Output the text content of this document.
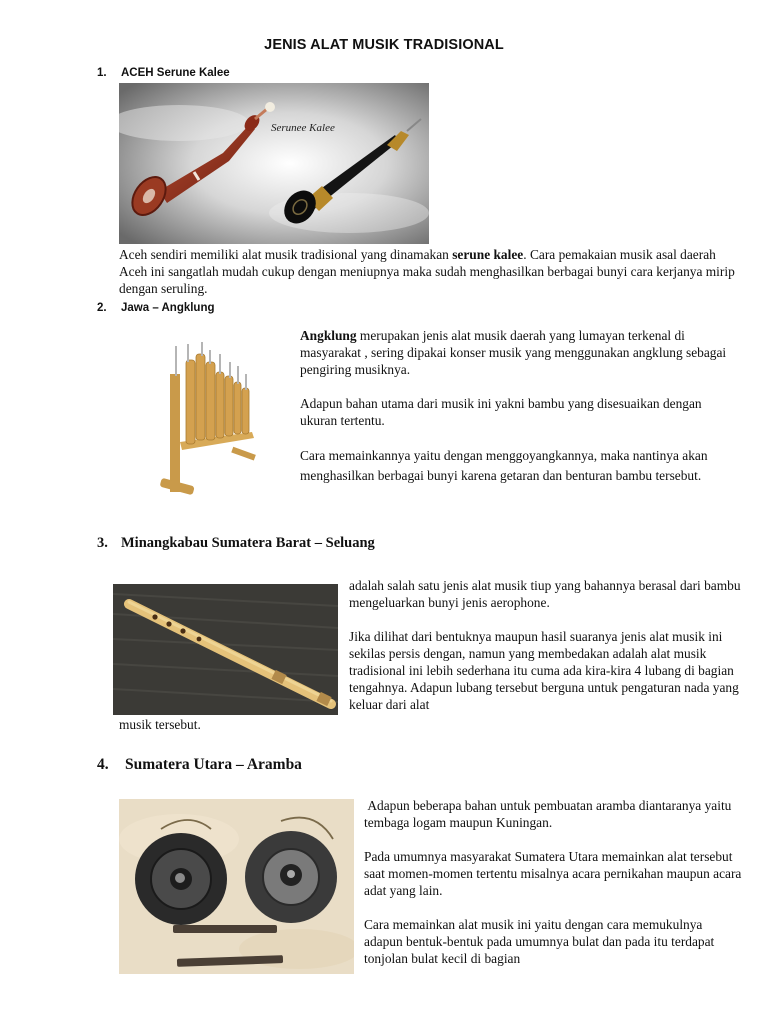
JENIS ALAT MUSIK TRADISIONAL
1. ACEH Serune Kalee
Serunee Kalee

Aceh sendiri memiliki alat musik tradisional yang dinamakan serune kalee. Cara pemakaian musik asal daerah Aceh ini sangatlah mudah cukup dengan meniupnya maka sudah menghasilkan berbagai bunyi cara kerjanya mirip dengan seruling.

2. Jawa – Angklung

Angklung merupakan jenis alat musik daerah yang lumayan terkenal di masyarakat , sering dipakai konser musik yang menggunakan angklung sebagai pengiring musiknya.

Adapun bahan utama dari musik ini yakni bambu yang disesuaikan dengan ukuran tertentu.

Cara memainkannya yaitu dengan menggoyangkannya, maka nantinya akan menghasilkan berbagai bunyi karena getaran dan benturan bambu tersebut.

3. Minangkabau Sumatera Barat – Seluang

adalah salah satu jenis alat musik tiup yang bahannya berasal dari bambu mengeluarkan bunyi jenis aerophone.

Jika dilihat dari bentuknya maupun hasil suaranya jenis alat musik ini sekilas persis dengan, namun yang membedakan adalah alat musik tradisional ini lebih sederhana itu cuma ada kira-kira 4 lubang di bagian tengahnya. Adapun lubang tersebut berguna untuk pengaturan nada yang keluar dari alat

musik tersebut.

4. Sumatera Utara – Aramba

Adapun beberapa bahan untuk pembuatan aramba diantaranya yaitu tembaga logam maupun Kuningan.

Pada umumnya masyarakat Sumatera Utara memainkan alat tersebut saat momen-momen tertentu misalnya acara pernikahan maupun acara adat yang lain.

Cara memainkan alat musik ini yaitu dengan cara memukulnya adapun bentuk-bentuk pada umumnya bulat dan pada itu terdapat tonjolan bulat kecil di bagian
